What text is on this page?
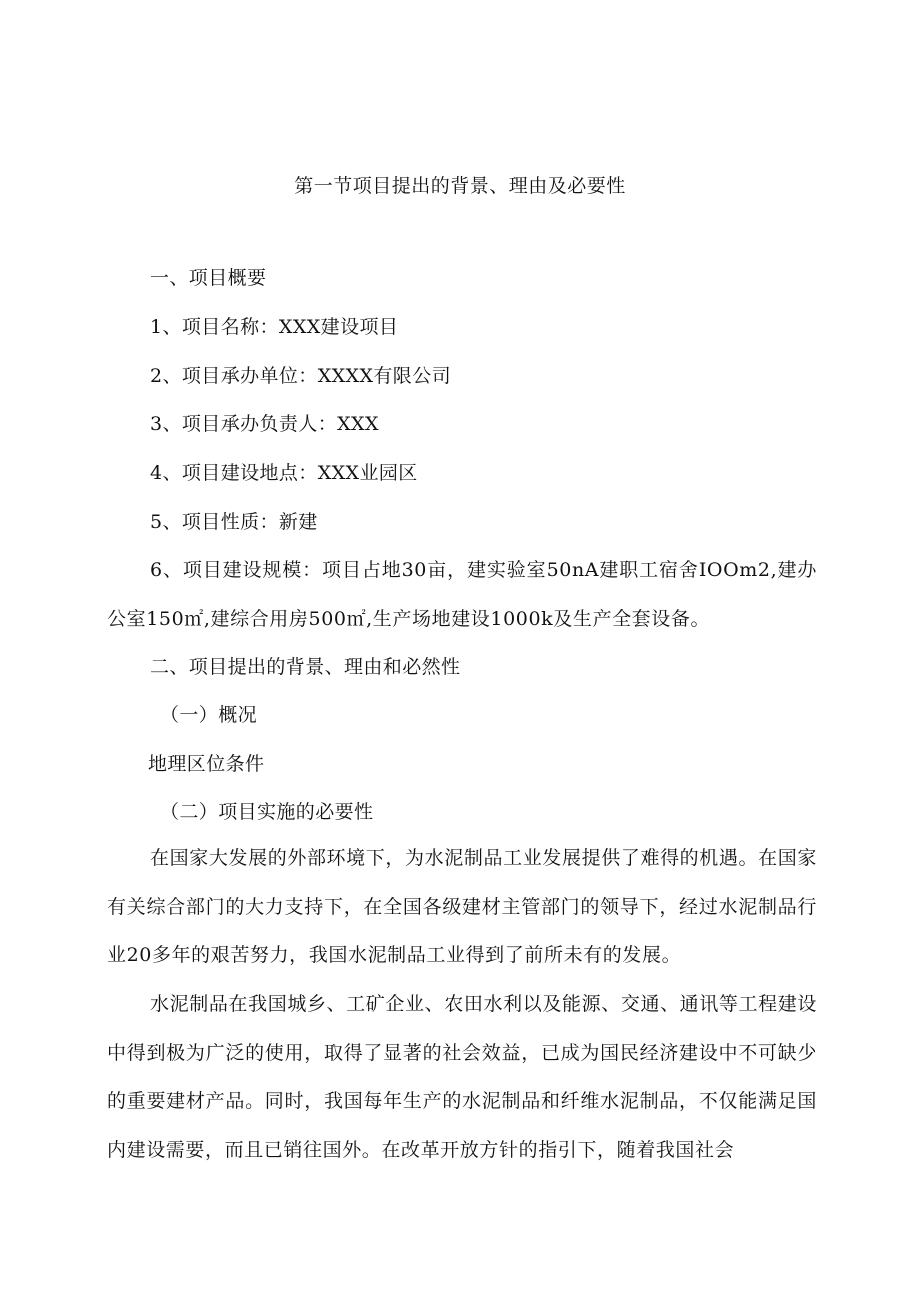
第一节项目提出的背景、理由及必要性
一、项目概要
1、项目名称：XXX建设项目
2、项目承办单位：XXXX有限公司
3、项目承办负责人：XXX
4、项目建设地点：XXX业园区
5、项目性质：新建
6、项目建设规模：项目占地30亩，建实验室50nA建职工宿舍IOOm2,建办公室150㎡,建综合用房500㎡,生产场地建设1000k及生产全套设备。
二、项目提出的背景、理由和必然性
（一）概况
地理区位条件
（二）项目实施的必要性
在国家大发展的外部环境下，为水泥制品工业发展提供了难得的机遇。在国家有关综合部门的大力支持下，在全国各级建材主管部门的领导下，经过水泥制品行业20多年的艰苦努力，我国水泥制品工业得到了前所未有的发展。
水泥制品在我国城乡、工矿企业、农田水利以及能源、交通、通讯等工程建设中得到极为广泛的使用，取得了显著的社会效益，已成为国民经济建设中不可缺少的重要建材产品。同时，我国每年生产的水泥制品和纤维水泥制品，不仅能满足国内建设需要，而且已销往国外。在改革开放方针的指引下，随着我国社会
